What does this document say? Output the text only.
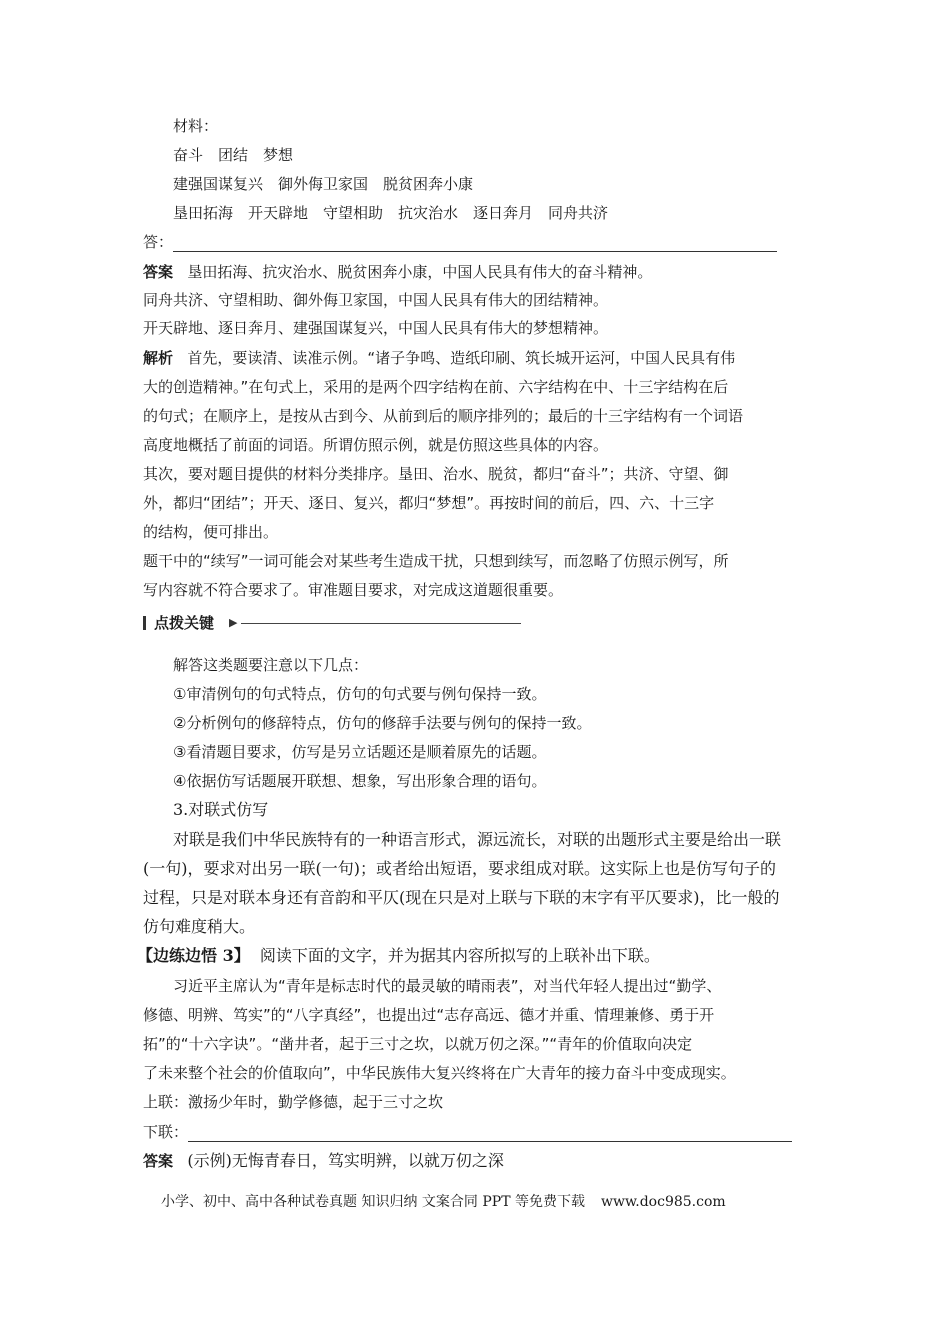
材料：
奋斗　团结　梦想
建强国谋复兴　御外侮卫家国　脱贫困奔小康
垦田拓海　开天辟地　守望相助　抗灾治水　逐日奔月　同舟共济
答：
答案 垦田拓海、抗灾治水、脱贫困奔小康，中国人民具有伟大的奋斗精神。
同舟共济、守望相助、御外侮卫家国，中国人民具有伟大的团结精神。
开天辟地、逐日奔月、建强国谋复兴，中国人民具有伟大的梦想精神。
解析 首先，要读清、读准示例。“诸子争鸣、造纸印刷、筑长城开运河，中国人民具有伟
大的创造精神。”在句式上，采用的是两个四字结构在前、六字结构在中、十三字结构在后
的句式；在顺序上，是按从古到今、从前到后的顺序排列的；最后的十三字结构有一个词语
高度地概括了前面的词语。所谓仿照示例，就是仿照这些具体的内容。
其次，要对题目提供的材料分类排序。垦田、治水、脱贫，都归“奋斗”；共济、守望、御
外，都归“团结”；开天、逐日、复兴，都归“梦想”。再按时间的前后，四、六、十三字
的结构，便可排出。
题干中的“续写”一词可能会对某些考生造成干扰，只想到续写，而忽略了仿照示例写，所
写内容就不符合要求了。审准题目要求，对完成这道题很重要。
点拨关键 ▶
解答这类题要注意以下几点：
①审清例句的句式特点，仿句的句式要与例句保持一致。
②分析例句的修辞特点，仿句的修辞手法要与例句的保持一致。
③看清题目要求，仿写是另立话题还是顺着原先的话题。
④依据仿写话题展开联想、想象，写出形象合理的语句。
3.对联式仿写
对联是我们中华民族特有的一种语言形式，源远流长，对联的出题形式主要是给出一联
(一句)，要求对出另一联(一句)；或者给出短语，要求组成对联。这实际上也是仿写句子的
过程，只是对联本身还有音韵和平仄(现在只是对上联与下联的末字有平仄要求)，比一般的
仿句难度稍大。
【边练边悟 3】 阅读下面的文字，并为据其内容所拟写的上联补出下联。
习近平主席认为“青年是标志时代的最灵敏的晴雨表”，对当代年轻人提出过“勤学、
修德、明辨、笃实”的“八字真经”，也提出过“志存高远、德才并重、情理兼修、勇于开
拓”的“十六字诀”。“凿井者，起于三寸之坎，以就万仞之深。”“青年的价值取向决定
了未来整个社会的价值取向”，中华民族伟大复兴终将在广大青年的接力奋斗中变成现实。
上联：激扬少年时，勤学修德，起于三寸之坎
下联：
答案 (示例)无悔青春日，笃实明辨，以就万仞之深
小学、初中、高中各种试卷真题 知识归纳 文案合同 PPT 等免费下载 www.doc985.com
